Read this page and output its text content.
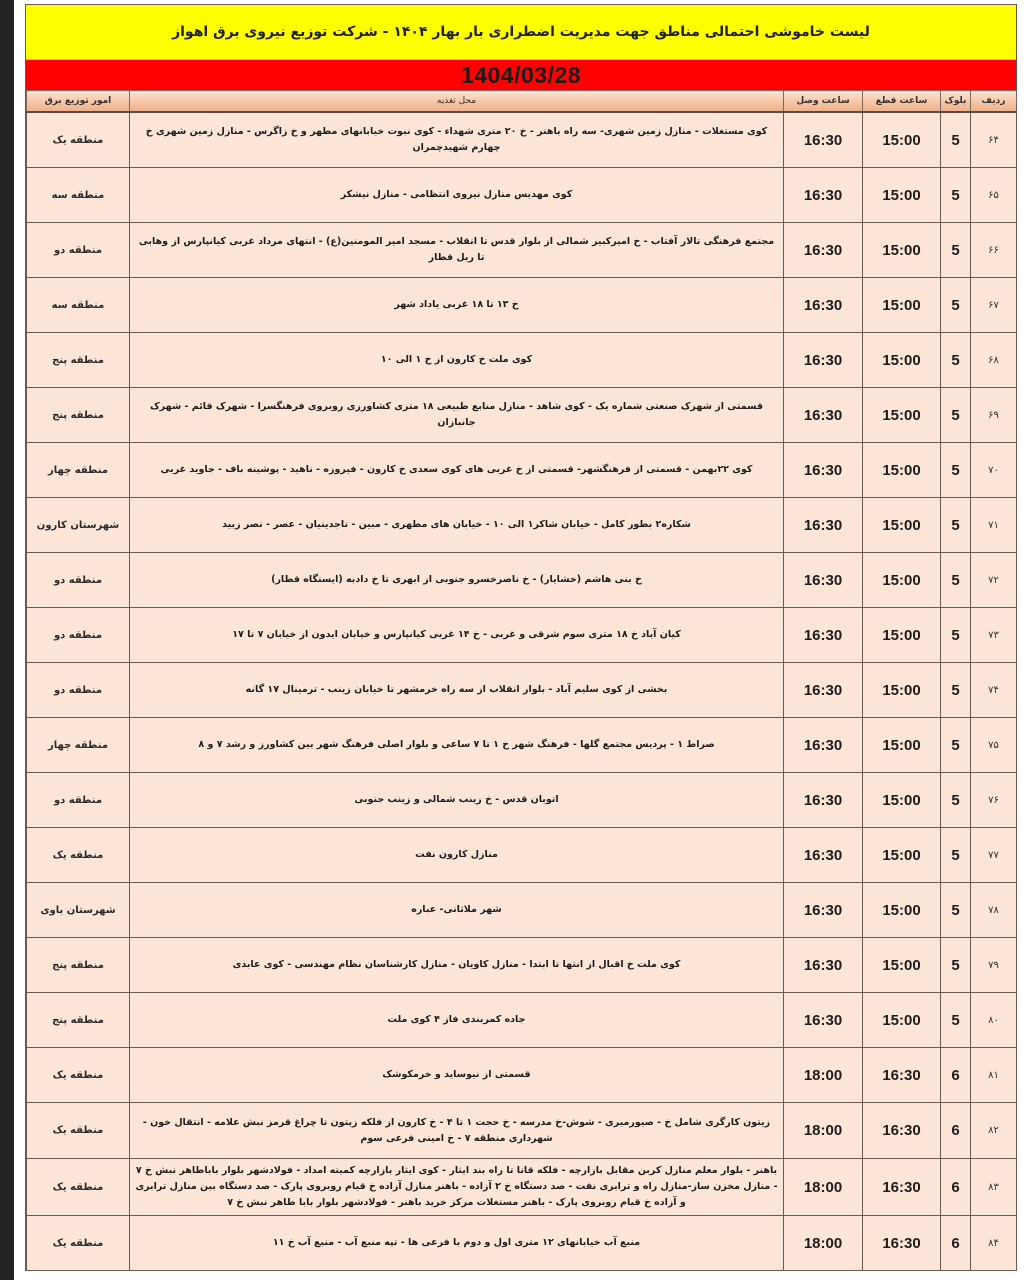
لیست خاموشی احتمالی مناطق جهت مدیریت اضطراری بار بهار ۱۴۰۴ - شرکت توزیع نیروی برق اهواز
1404/03/28
ردیف	بلوک	ساعت قطع	ساعت وصل	محل تغذیه	امور توزیع برق
۶۴	5	15:00	16:30	کوی مستغلات - منازل زمین شهری- سه راه باهنر - خ ۲۰ متری شهداء - کوی نبوت خیابانهای مطهر و خ زاگرس - منازل زمین شهری خ چهارم شهیدچمران	منطقه یک
۶۵	5	15:00	16:30	کوی مهدیس منازل نیروی انتظامی - منازل نیشکر	منطقه سه
۶۶	5	15:00	16:30	مجتمع فرهنگی تالار آفتاب - خ امیرکبیر شمالی از بلوار قدس تا انقلاب - مسجد امیر المومنین(ع) - انتهای مرداد غربی کیانپارس از وهابی تا ریل قطار	منطقه دو
۶۷	5	15:00	16:30	خ ۱۳ تا ۱۸ غربی یاداد شهر	منطقه سه
۶۸	5	15:00	16:30	کوی ملت خ کارون از خ ۱ الی ۱۰	منطقه پنج
۶۹	5	15:00	16:30	قسمتی از شهرک صنعتی شماره یک - کوی شاهد - منازل منابع طبیعی ۱۸ متری کشاورزی روبروی فرهنگسرا - شهرک قائم - شهرک جانبازان	منطقه پنج
۷۰	5	15:00	16:30	کوی ۲۲بهمن - قسمتی از فرهنگشهر- قسمتی از خ غربی های کوی سعدی خ کارون - فیروزه - ناهید - پوشینه باف - جاوید غربی	منطقه چهار
۷۱	5	15:00	16:30	شکاره۲ بطور کامل - خیابان شاکر۱ الی ۱۰ - خیابان های مطهری - مبین - تاجدینیان - عصر - نصر زبید	شهرستان کارون
۷۲	5	15:00	16:30	خ بنی هاشم (خشایار) - خ ناصرخسرو جنوبی از ابهری تا خ دادبه (ایستگاه قطار)	منطقه دو
۷۳	5	15:00	16:30	کیان آباد خ ۱۸ متری سوم شرقی و غربی - خ ۱۴ غربی کیانپارس و خیابان ایدون از خیابان ۷ تا ۱۷	منطقه دو
۷۴	5	15:00	16:30	بخشی از کوی سلیم آباد - بلوار انقلاب از سه راه خرمشهر تا خیابان زینب - ترمینال ۱۷ گانه	منطقه دو
۷۵	5	15:00	16:30	صراط ۱ - پردیس مجتمع گلها - فرهنگ شهر خ ۱ تا ۷ ساعی و بلوار اصلی فرهنگ شهر بین کشاورز و رشد ۷ و ۸	منطقه چهار
۷۶	5	15:00	16:30	اتوبان قدس - خ زینب شمالی و زینب جنوبی	منطقه دو
۷۷	5	15:00	16:30	منازل کارون نفت	منطقه یک
۷۸	5	15:00	16:30	شهر ملاثانی- عباره	شهرستان باوی
۷۹	5	15:00	16:30	کوی ملت خ اقبال از انتها تا ابتدا - منازل کاویان - منازل کارشناسان نظام مهندسی - کوی عابدی	منطقه پنج
۸۰	5	15:00	16:30	جاده کمربندی فاز ۴ کوی ملت	منطقه پنج
۸۱	6	16:30	18:00	قسمتی از نیوساید و خرمکوشک	منطقه یک
۸۲	6	16:30	18:00	زیتون کارگری شامل خ - صیورمیری - شوش-خ مدرسه - خ حجت ۱ تا ۴ - خ کارون از فلکه زیتون تا چراغ قرمز نبش علامه - انتقال خون - شهرداری منطقه ۷ - خ امینی فرعی سوم	منطقه یک
۸۳	6	16:30	18:00	باهنر - بلوار معلم منازل کربن مقابل بازارچه - فلکه قانا تا راه بند ایثار - کوی ایثار بازارچه کمیته امداد - فولادشهر بلوار باباطاهر نبش خ ۷ - منازل مخزن ساز-منازل راه و ترابری نفت - صد دستگاه خ ۲ آزاده - باهنر منازل آزاده خ قیام روبروی پارک - صد دستگاه بین منازل ترابری و آزاده خ قیام روبروی پارک - باهنر مستغلات مرکز خرید باهنر - فولادشهر بلوار بابا طاهر نبش خ ۷	منطقه یک
۸۴	6	16:30	18:00	منبع آب خیابانهای ۱۲ متری اول و دوم با فرعی ها - تپه منبع آب - منبع آب خ ۱۱	منطقه یک
